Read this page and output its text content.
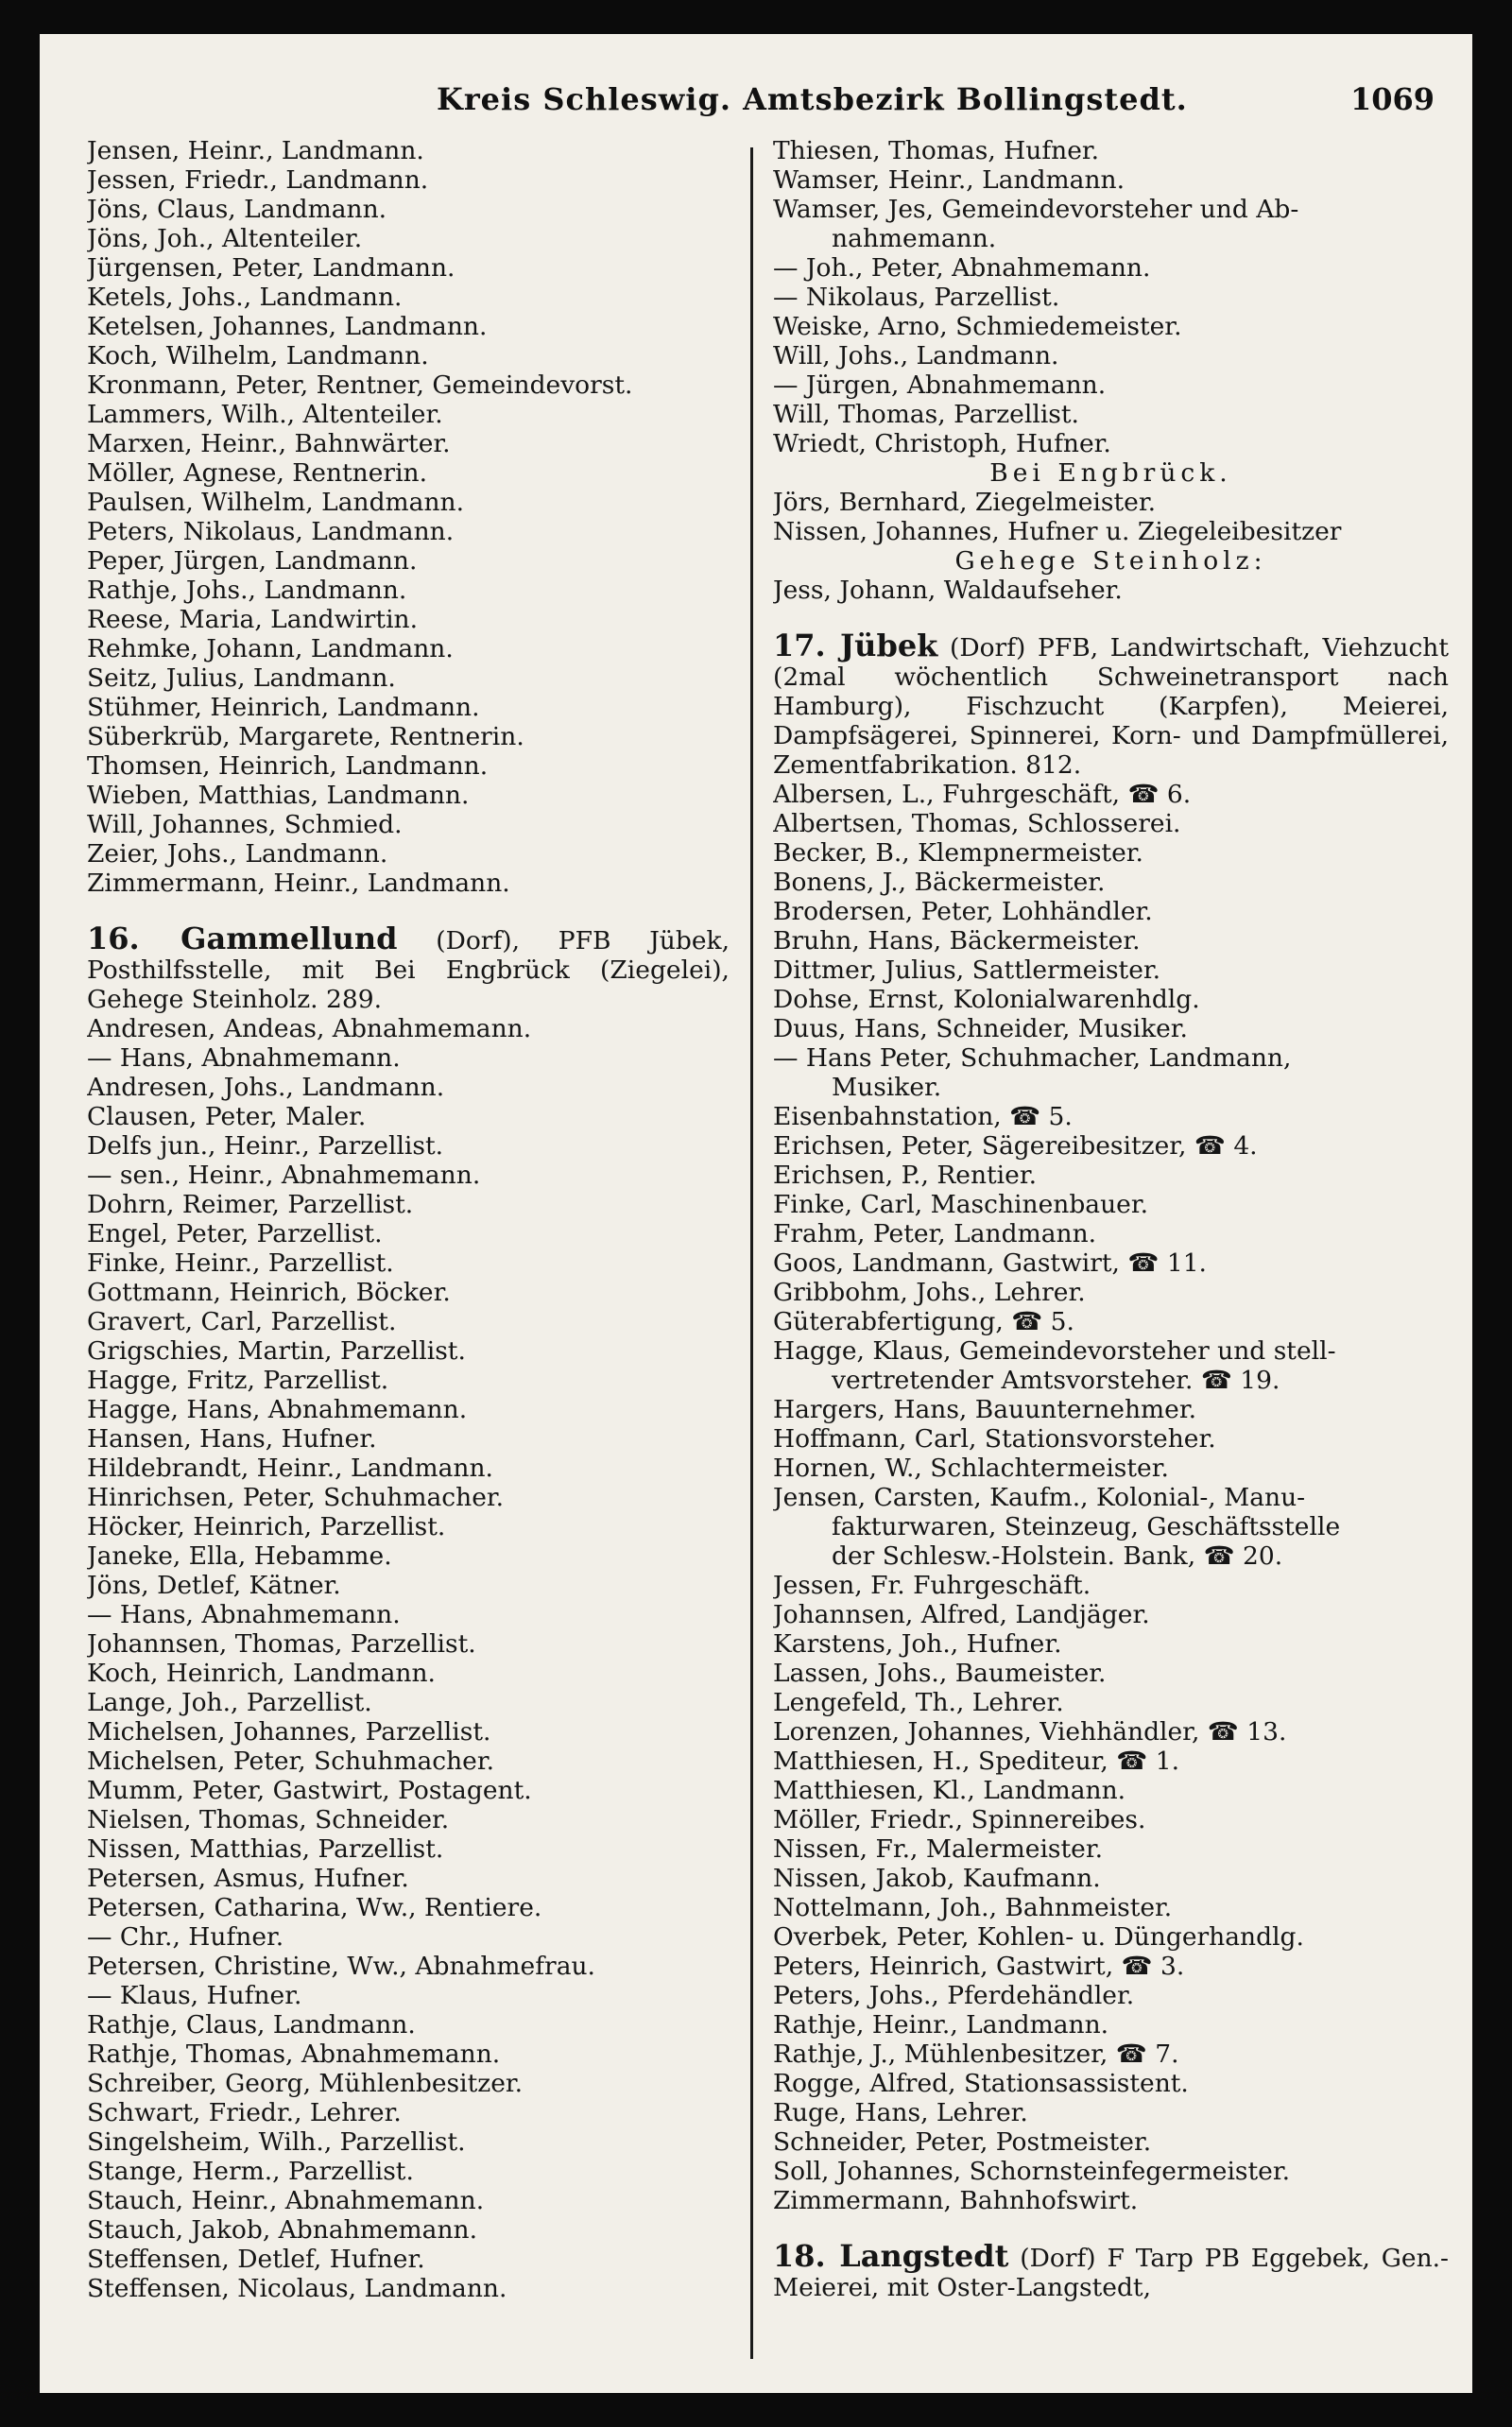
Kreis Schleswig. Amtsbezirk Bollingstedt.	1069
Jensen, Heinr., Landmann.
Jessen, Friedr., Landmann.
Jöns, Claus, Landmann.
Jöns, Joh., Altenteiler.
Jürgensen, Peter, Landmann.
Ketels, Johs., Landmann.
Ketelsen, Johannes, Landmann.
Koch, Wilhelm, Landmann.
Kronmann, Peter, Rentner, Gemeindevorst.
Lammers, Wilh., Altenteiler.
Marxen, Heinr., Bahnwärter.
Möller, Agnese, Rentnerin.
Paulsen, Wilhelm, Landmann.
Peters, Nikolaus, Landmann.
Peper, Jürgen, Landmann.
Rathje, Johs., Landmann.
Reese, Maria, Landwirtin.
Rehmke, Johann, Landmann.
Seitz, Julius, Landmann.
Stühmer, Heinrich, Landmann.
Süberkrüb, Margarete, Rentnerin.
Thomsen, Heinrich, Landmann.
Wieben, Matthias, Landmann.
Will, Johannes, Schmied.
Zeier, Johs., Landmann.
Zimmermann, Heinr., Landmann.
16. Gammellund (Dorf), PFB Jübek, Posthilfsstelle, mit Bei Engbrück (Ziegelei), Gehege Steinholz. 289.
Andresen, Andeas, Abnahmemann.
— Hans, Abnahmemann.
Andresen, Johs., Landmann.
Clausen, Peter, Maler.
Delfs jun., Heinr., Parzellist.
— sen., Heinr., Abnahmemann.
Dohrn, Reimer, Parzellist.
Engel, Peter, Parzellist.
Finke, Heinr., Parzellist.
Gottmann, Heinrich, Böcker.
Gravert, Carl, Parzellist.
Grigschies, Martin, Parzellist.
Hagge, Fritz, Parzellist.
Hagge, Hans, Abnahmemann.
Hansen, Hans, Hufner.
Hildebrandt, Heinr., Landmann.
Hinrichsen, Peter, Schuhmacher.
Höcker, Heinrich, Parzellist.
Janeke, Ella, Hebamme.
Jöns, Detlef, Kätner.
— Hans, Abnahmemann.
Johannsen, Thomas, Parzellist.
Koch, Heinrich, Landmann.
Lange, Joh., Parzellist.
Michelsen, Johannes, Parzellist.
Michelsen, Peter, Schuhmacher.
Mumm, Peter, Gastwirt, Postagent.
Nielsen, Thomas, Schneider.
Nissen, Matthias, Parzellist.
Petersen, Asmus, Hufner.
Petersen, Catharina, Ww., Rentiere.
— Chr., Hufner.
Petersen, Christine, Ww., Abnahmefrau.
— Klaus, Hufner.
Rathje, Claus, Landmann.
Rathje, Thomas, Abnahmemann.
Schreiber, Georg, Mühlenbesitzer.
Schwart, Friedr., Lehrer.
Singelsheim, Wilh., Parzellist.
Stange, Herm., Parzellist.
Stauch, Heinr., Abnahmemann.
Stauch, Jakob, Abnahmemann.
Steffensen, Detlef, Hufner.
Steffensen, Nicolaus, Landmann.
Thiesen, Thomas, Hufner.
Wamser, Heinr., Landmann.
Wamser, Jes, Gemeindevorsteher und Ab-
nahmemann.
— Joh., Peter, Abnahmemann.
— Nikolaus, Parzellist.
Weiske, Arno, Schmiedemeister.
Will, Johs., Landmann.
— Jürgen, Abnahmemann.
Will, Thomas, Parzellist.
Wriedt, Christoph, Hufner.
Bei Engbrück.
Jörs, Bernhard, Ziegelmeister.
Nissen, Johannes, Hufner u. Ziegeleibesitzer
Gehege Steinholz:
Jess, Johann, Waldaufseher.
17. Jübek (Dorf) PFB, Landwirtschaft, Viehzucht (2mal wöchentlich Schweinetransport nach Hamburg), Fischzucht (Karpfen), Meierei, Dampfsägerei, Spinnerei, Korn- und Dampfmüllerei, Zementfabrikation. 812.
Albersen, L., Fuhrgeschäft, ☎ 6.
Albertsen, Thomas, Schlosserei.
Becker, B., Klempnermeister.
Bonens, J., Bäckermeister.
Brodersen, Peter, Lohhändler.
Bruhn, Hans, Bäckermeister.
Dittmer, Julius, Sattlermeister.
Dohse, Ernst, Kolonialwarenhdlg.
Duus, Hans, Schneider, Musiker.
— Hans Peter, Schuhmacher, Landmann,
Musiker.
Eisenbahnstation, ☎ 5.
Erichsen, Peter, Sägereibesitzer, ☎ 4.
Erichsen, P., Rentier.
Finke, Carl, Maschinenbauer.
Frahm, Peter, Landmann.
Goos, Landmann, Gastwirt, ☎ 11.
Gribbohm, Johs., Lehrer.
Güterabfertigung, ☎ 5.
Hagge, Klaus, Gemeindevorsteher und stell-
vertretender Amtsvorsteher. ☎ 19.
Hargers, Hans, Bauunternehmer.
Hoffmann, Carl, Stationsvorsteher.
Hornen, W., Schlachtermeister.
Jensen, Carsten, Kaufm., Kolonial-, Manu-
fakturwaren, Steinzeug, Geschäftsstelle
der Schlesw.-Holstein. Bank, ☎ 20.
Jessen, Fr. Fuhrgeschäft.
Johannsen, Alfred, Landjäger.
Karstens, Joh., Hufner.
Lassen, Johs., Baumeister.
Lengefeld, Th., Lehrer.
Lorenzen, Johannes, Viehhändler, ☎ 13.
Matthiesen, H., Spediteur, ☎ 1.
Matthiesen, Kl., Landmann.
Möller, Friedr., Spinnereibes.
Nissen, Fr., Malermeister.
Nissen, Jakob, Kaufmann.
Nottelmann, Joh., Bahnmeister.
Overbek, Peter, Kohlen- u. Düngerhandlg.
Peters, Heinrich, Gastwirt, ☎ 3.
Peters, Johs., Pferdehändler.
Rathje, Heinr., Landmann.
Rathje, J., Mühlenbesitzer, ☎ 7.
Rogge, Alfred, Stationsassistent.
Ruge, Hans, Lehrer.
Schneider, Peter, Postmeister.
Soll, Johannes, Schornsteinfegermeister.
Zimmermann, Bahnhofswirt.
18. Langstedt (Dorf) F Tarp PB Eggebek, Gen.-Meierei, mit Oster-Langstedt,
